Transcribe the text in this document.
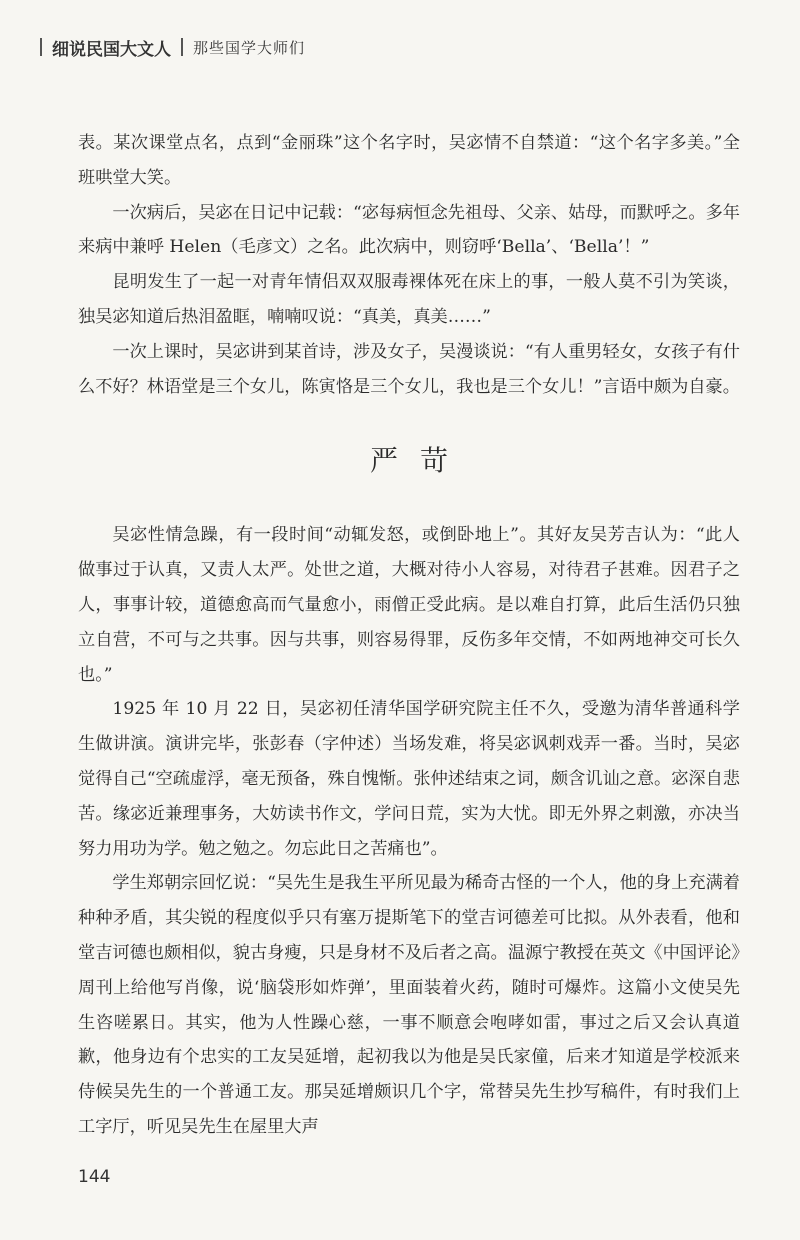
细说民国大文人 那些国学大师们

表。某次课堂点名，点到“金丽珠”这个名字时，吴宓情不自禁道：“这个名字多美。”全班哄堂大笑。

一次病后，吴宓在日记中记载：“宓每病恒念先祖母、父亲、姑母，而默呼之。多年来病中兼呼 Helen（毛彦文）之名。此次病中，则窃呼‘Bella’、‘Bella’！”

昆明发生了一起一对青年情侣双双服毒裸体死在床上的事，一般人莫不引为笑谈，独吴宓知道后热泪盈眶，喃喃叹说：“真美，真美……”

一次上课时，吴宓讲到某首诗，涉及女子，吴漫谈说：“有人重男轻女，女孩子有什么不好？林语堂是三个女儿，陈寅恪是三个女儿，我也是三个女儿！”言语中颇为自豪。

严苛

吴宓性情急躁，有一段时间“动辄发怒，或倒卧地上”。其好友吴芳吉认为：“此人做事过于认真，又责人太严。处世之道，大概对待小人容易，对待君子甚难。因君子之人，事事计较，道德愈高而气量愈小，雨僧正受此病。是以难自打算，此后生活仍只独立自营，不可与之共事。因与共事，则容易得罪，反伤多年交情，不如两地神交可长久也。”

1925 年 10 月 22 日，吴宓初任清华国学研究院主任不久，受邀为清华普通科学生做讲演。演讲完毕，张彭春（字仲述）当场发难，将吴宓讽刺戏弄一番。当时，吴宓觉得自己“空疏虚浮，毫无预备，殊自愧惭。张仲述结束之词，颇含讥讪之意。宓深自悲苦。缘宓近兼理事务，大妨读书作文，学问日荒，实为大忧。即无外界之刺激，亦决当努力用功为学。勉之勉之。勿忘此日之苦痛也”。

学生郑朝宗回忆说：“吴先生是我生平所见最为稀奇古怪的一个人，他的身上充满着种种矛盾，其尖锐的程度似乎只有塞万提斯笔下的堂吉诃德差可比拟。从外表看，他和堂吉诃德也颇相似，貌古身瘦，只是身材不及后者之高。温源宁教授在英文《中国评论》周刊上给他写肖像，说‘脑袋形如炸弹’，里面装着火药，随时可爆炸。这篇小文使吴先生咨嗟累日。其实，他为人性躁心慈，一事不顺意会咆哮如雷，事过之后又会认真道歉，他身边有个忠实的工友吴延增，起初我以为他是吴氏家僮，后来才知道是学校派来侍候吴先生的一个普通工友。那吴延增颇识几个字，常替吴先生抄写稿件，有时我们上工字厅，听见吴先生在屋里大声

144
